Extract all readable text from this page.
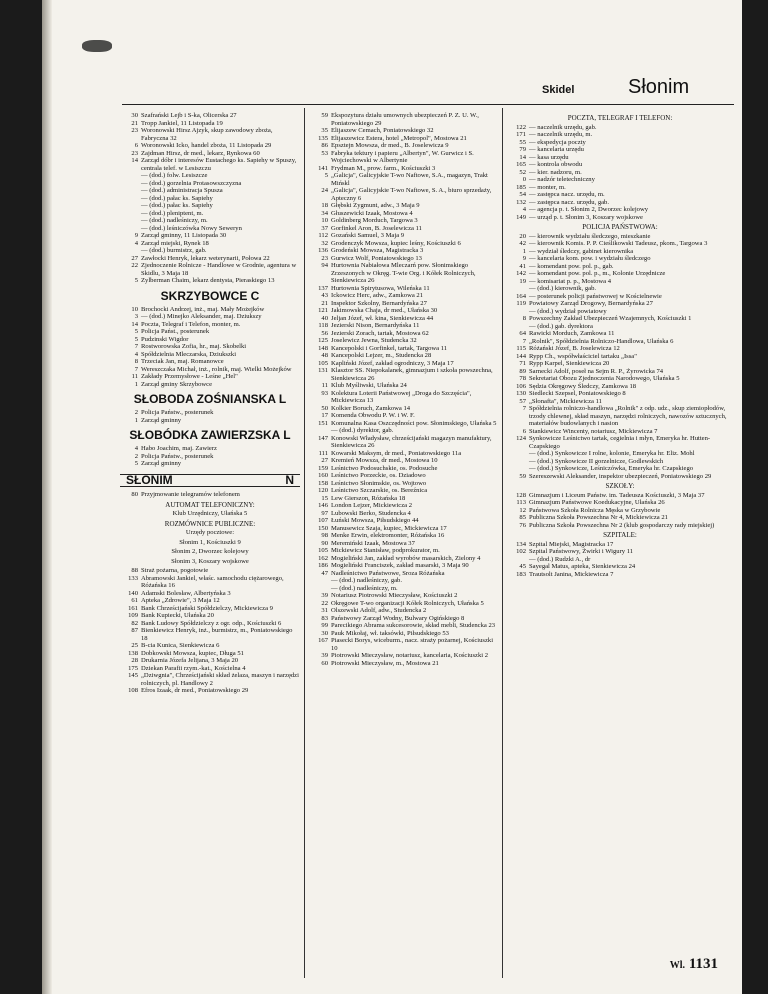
Skidel	Słonim
30 Szafrański Lejb i S-ka, Olicerska 27
21 Tropp Jankiel, 11 Listopada 19
23 Woronowski Hirsz Ajzyk, skup zawodowy zboża, Fabryczna 32
6 Woronowski Icko, handel zboża, 11 Listopada 29
23 Zajdman Hirsz, dr med., lekarz, Rynkowa 60
14 Zarząd dóbr i interesów Eustachego ks. Sapiehy w Spuszy, centrala telef. w Lesiszczu
— (dod.) folw. Lesiszcze
— (dod.) gorzelnia Protasowszczyzna
— (dod.) administracja Spusza
— (dod.) pałac ks. Sapiehy
— (dod.) pałac ks. Sapiehy
— (dod.) pleniptent, m.
— (dod.) nadleśniczy, m.
— (dod.) leśniczówka Nowy Seweryn
9 Zarząd gminny, 11 Listopada 30
4 Zarząd miejski, Rynek 18
— (dod.) burmistrz, gab.
27 Zawłocki Henryk, lekarz weterynarii, Połowa 22
22 Zjednoczenie Rolnicze - Handlowe w Grodnie, agentura w Skidlu, 3 Maja 18
5 Zylberman Chaim, lekarz dentysta, Pieraskiego 13
SKRZYBOWCE C
10 Brochocki Andrzej, inż., maj. Mały Możejków
3 — (dod.) Minejko Aleksander, maj. Dziukszy
14 Poczta, Telegraf i Telefon, monter, m.
5 Policja Państ., posterunek
5 Pudzinski Wigdor
7 Rostworowska Zofia, hr., maj. Skobelki
4 Spółdzielnia Mleczarska, Dziukszki
8 Trzeciak Jan, maj. Romanowce
7 Wereszczaka Michał, inż., rolnik, maj. Wielki Możejków
11 Zakłady Przemysłowe - Leśne „Hel"
1 Zarząd gminy Skrzybowce
SŁOBODA ZOŚNIANSKA L
2 Policja Państw., posterunek
1 Zarząd gminny
SŁOBÓDKA ZAWIERZSKA L
4 Habo Joachim, maj. Zawierz
2 Policja Państw., posterunek
5 Zarząd gminny
SŁONIM	N
80 Przyjmowanie telegramów telefonem
AUTOMAT TELEFONICZNY:
Klub Urzędniczy, Ułańska 5
ROZMÓWNICE PUBLICZNE:
Urzędy pocztowe:
Słonim 1, Kościuszki 9
Słonim 2, Dworzec kolejowy
Słonim 3, Koszary wojskowe
88 Straż pożarna, pogotowie
133 Abramowski Jankiel, właśc. samochodu ciężarowego, Różańska 16
140 Adamski Bolesław, Albertyńska 3
61 Apteka „Zdrowie", 3 Maja 12
161 Bank Chrześcijański Spółdzielczy, Mickiewicza 9
109 Bank Kupiecki, Ułańska 20
82 Bank Ludowy Spółdzielczy z ogr. odp., Kościuszki 6
87 Bienkiewicz Henryk, inż., burmistrz, m., Poniatowskiego 18
25 B-cia Kunica, Sienkiewicza 6
138 Dobkowski Mowsza, kupiec, Długa 51
28 Drukarnia Józefa Jelijana, 3 Maja 20
175 Dziekan Parafii rzym.-kat., Kościelna 4
145 „Dziwgnia", Chrześcijański skład żelaza, maszyn i narzędzi rolniczych, pl. Handlowy 2
108 Efros Izaak, dr med., Poniatowskiego 29
59 Ekspozytura działu umownych ubezpieczeń P. Z. U. W., Poniatowskiego 29
35 Elijaszew Cemach, Poniatowskiego 32
135 Elijaszewicz Estera, hotel „Metropol", Mostowa 21
86 Epsztejn Mowsza, dr med., B. Joselewicza 9
53 Fabryka tektury i papieru „Albertyn", W. Gurwicz i S. Wojciechowski w Albertynie
141 Frydman M., prow. farm., Kościuszki 3
5 „Galicja", Galicyjskie T-wo Naftowe, S.A., magazyn, Trakt Mińskl
24 „Galicja", Galicyjskie T-wo Naftowe, S. A., biuro sprzedaży, Apteczny 6
18 Głębski Zygmunt, adw., 3 Maja 9
34 Głuszewicki Izaak, Mostowa 4
10 Goldinberg Morduch, Targowa 3
37 Gorfinkel Aron, B. Joselewicza 11
112 Gozański Samuel, 3 Maja 9
32 Grodenczyk Mowsza, kupiec leśny, Kościuszki 6
136 Grodeński Mowsza, Magistracka 3
23 Gurwicz Wolf, Poniatowskiego 13
94 Hurtownia Nabiałowa Mleczarń pow. Słonimskiego Zrzeszonych w Okręg. T-wie Org. i Kółek Rolniczych, Sienkiewicza 26
137 Hurtownia Spirytusowa, Wileńska 11
43 Ickowicz Herc, adw., Zamkowa 21
21 Inspektor Szkolny, Bernardyńska 27
121 Jakimowska Chaja, dr med., Ułańska 30
40 Jeljan Józef, wł. kina, Sienkiewicza 44
118 Jezierski Nison, Bernardyńska 11
56 Jezierski Zorach, tartak, Mostowa 62
125 Joselewicz Jewna, Studencka 32
148 Kancepolski i Gorfinkel, tartak, Targowa 11
48 Kancepolski Lejzer, m., Studencka 28
105 Kapliński Józef, zakład ogrodniczy, 3 Maja 17
131 Klasztor SS. Niepokalanek, gimnazjum i szkoła powszechna, Sienkiewicza 26
11 Klub Myśliwski, Ułańska 24
93 Kolektura Loterii Państwowej „Droga do Szczęścia", Mickiewicza 13
50 Kolkier Boruch, Zamkowa 14
17 Komenda Obwodu P. W. i W. F.
151 Komunalna Kasa Oszczędności pow. Słonimskiego, Ułańska 5
— (dod.) dyrektor, gab.
147 Konowski Władysław, chrześcijański magazyn manufaktury, Sienkiewicza 26
111 Kowarski Maksym, dr med., Poniatowskiego 11a
27 Kremień Mowsza, dr med., Mostowa 10
159 Leśnictwo Podosuchskie, os. Podosuche
160 Leśnictwo Porzeckie, os. Dziadowo
158 Leśnictwo Słonimskie, os. Wojtowo
120 Leśnictwo Szczarskie, os. Bereźnica
15 Lew Gierszon, Różańska 18
146 London Lejzer, Mickiewicza 2
97 Lubowski Berko, Studencka 4
107 Łuński Mowsza, Piłsudskiego 44
150 Manusewicz Szaja, kupiec, Mickiewicza 17
98 Menke Erwin, elektromonter, Różańska 16
90 Meremiński Izaak, Mostowa 37
105 Mickiewicz Stanisław, podprokurator, m.
162 Mogieliński Jan, zakład wyrobów masarskich, Zielony 4
186 Mogieliński Franciszek, zakład masarski, 3 Maja 90
47 Nadleśnictwo Państwowe, Sroza Różańska
— (dod.) nadleśniczy, gab.
— (dod.) nadleśniczy, m.
39 Notariusz Piotrowski Mieczysław, Kościuszki 2
22 Okręgowe T-wo organizacji Kółek Rolniczych, Ułańska 5
31 Olszewski Adolf, adw., Studencka 2
83 Państwowy Zarząd Wodny, Bulwary Ogińskiego 8
99 Parecikiego Abrama sukcesorowie, skład mebli, Studencka 23
30 Pauk Mikołaj, wł. taksówki, Piłsudskiego 53
167 Piasecki Borys, wiceburm., nacz. straży pożarnej, Kościuszki 10
39 Piotrowski Mieczysław, notariusz, kancelaria, Kościuszki 2
60 Piotrowski Mieczysław, m., Mostowa 21
POCZTA, TELEGRAF I TELEFON:
122 — naczelnik urzędu, gab.
171 — naczelnik urzędu, m.
55 — ekspedycja poczty
79 — kancelaria urzędu
14 — kasa urzędu
165 — kontrola obwodu
52 — kier. nadzoru, m.
0 — nadzór teletechniczny
185 — monter, m.
54 — zastępca nacz. urzędu, m.
132 — zastępca nacz. urzędu, gab.
4 — agencja p. t. Słonim 2, Dworzec kolejowy
149 — urząd p. t. Słonim 3, Koszary wojskowe
POLICJA PAŃSTWOWA:
20 — kierownik wydziału śledczego, mieszkanie
42 — kierownik Komis. P. P. Cieślikowski Tadeusz, pkom., Targowa 3
1 — wydział śledczy, gabinet kierownika
9 — kancelaria kom. pow. i wydziału śledczego
41 — komendant pow. pol. p., gab.
142 — komendant pow. pol. p., m., Kolonie Urzędnicze
19 — komisariat p. p., Mostowa 4
— (dod.) kierownik, gab.
164 — posterunek policji państwowej w Kościelnewie
119 Powiatowy Zarząd Drogowy, Bernardyńska 27
— (dod.) wydział powiatowy
8 Powszechny Zakład Ubezpieczeń Wzajemnych, Kościuszki 1
— (dod.) gab. dyrektora
64 Rawicki Morduch, Zamkowa 11
7 „Rolnik", Spółdzielnia Rolniczo-Handlowa, Ułańska 6
115 Różański Józef, B. Joselewicza 12
144 Rypp Ch., współwłaściciel tartaku „Issa"
71 Rypp Karpel, Sienkiewicza 20
89 Sarnecki Adolf, poseł na Sejm R. P., Żyrowicka 74
78 Sekretariat Obozu Zjednoczenia Narodowego, Ułańska 5
106 Sędzia Okręgowy Śledczy, Zamkowa 18
130 Siedlecki Szepsel, Poniatowskiego 8
57 „Słonafta", Mickiewicza 11
7 Spółdzielnia rolniczo-handlowa „Rolnik" z odp. udz., skup ziemiopłodów, trzody chlewnej, skład maszyn, narzędzi rolniczych, nawozów sztucznych, materiałów budowlanych i nasion
6 Stankiewicz Wincenty, notariusz, Mickiewicza 7
124 Synkowicze Leśnictwo tartak, cegielnia i młyn, Emeryka hr. Hutten-Czapskiego
— (dod.) Synkowicze I rolne, kolonie, Emeryka hr. Eliz. Mohl
— (dod.) Synkowicze II gorzelnicze, Godlewskich
— (dod.) Synkowicze, Leśniczówka, Emeryka hr. Czapskiego
59 Szereszewski Aleksander, inspektor ubezpieczeń, Poniatowskiego 29
SZKOŁY:
128 Gimnazjum i Liceum Państw. im. Tadeusza Kościuszki, 3 Maja 37
113 Gimnazjum Państwowe Koedukacyjne, Ułańska 26
12 Państwowa Szkoła Rolnicza Męska w Grzybowie
85 Publiczna Szkoła Powszechna Nr 4, Mickiewicza 21
76 Publiczna Szkoła Powszechna Nr 2 (klub gospodarczy rady miejskiej)
SZPITALE:
134 Szpital Miejski, Magistracka 17
102 Szpital Państwowy, Żwirki i Wigury 11
— (dod.) Rudzki A., dr
45 Sayegal Matus, apteka, Sienkiewicza 24
183 Trautsolt Janina, Mickiewicza 7
Wl. 1131
